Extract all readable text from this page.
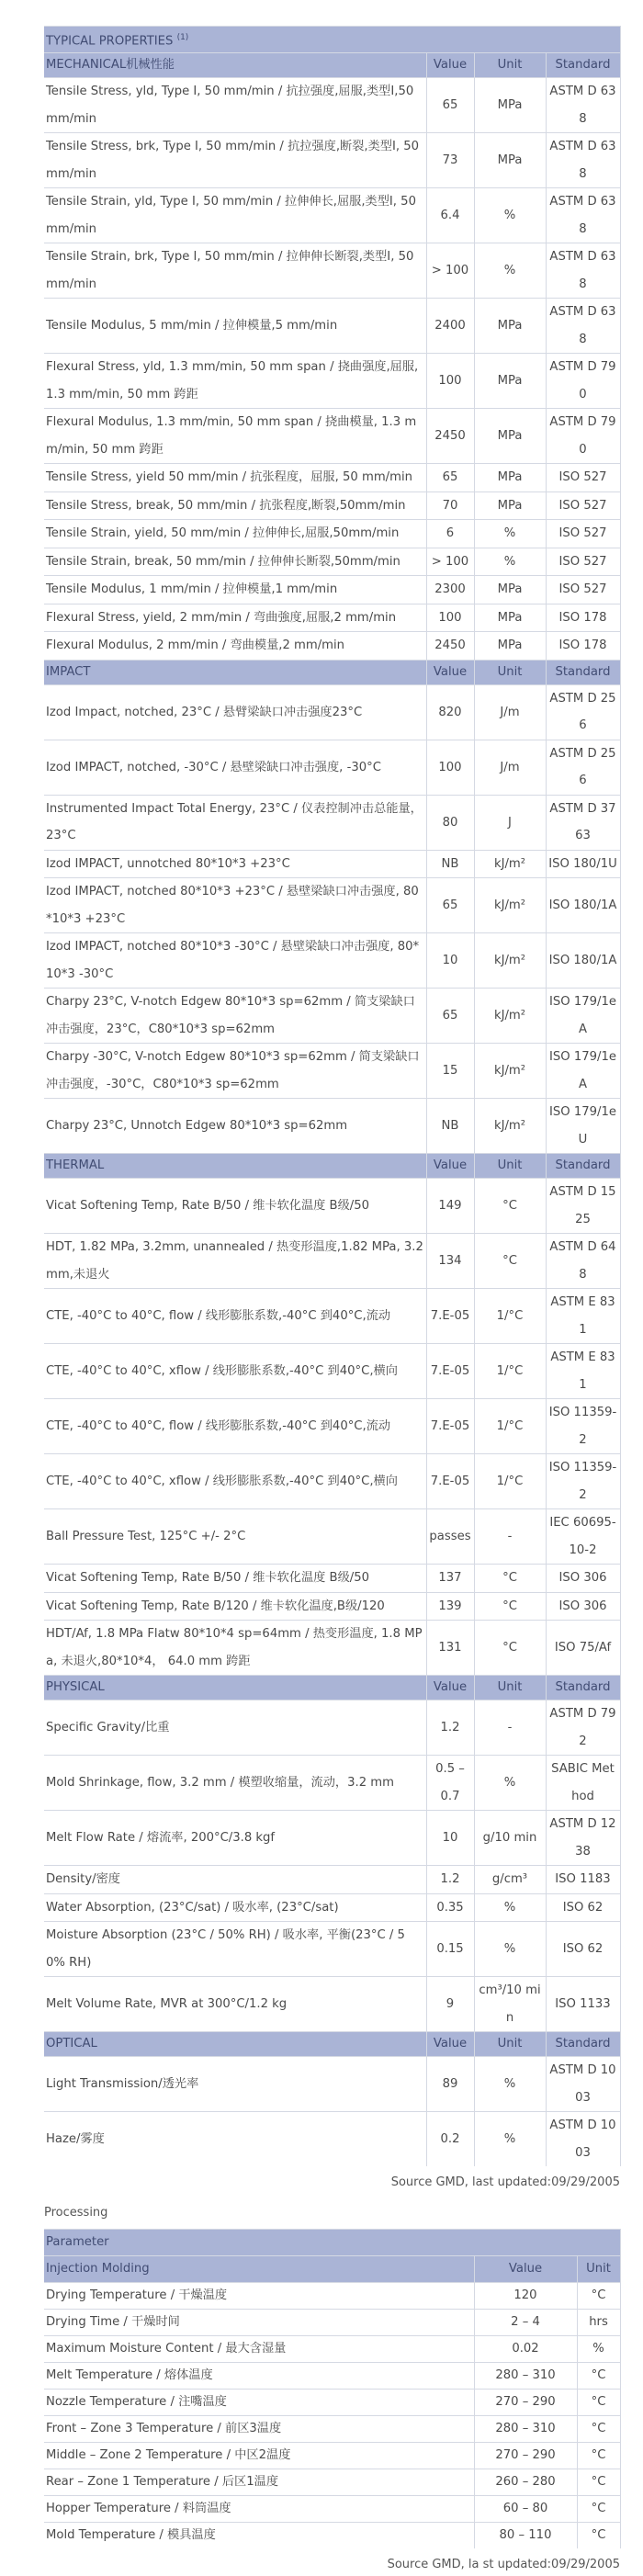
TYPICAL PROPERTIES $^{(1)}$
MECHANICAL机械性能	Value	Unit	Standard
Tensile Stress, yld, Type I, 50 mm/min / 抗拉强度,屈服,类型I,50 mm/min	65	MPa	ASTM D 638
Tensile Stress, brk, Type I, 50 mm/min / 抗拉强度,断裂,类型I, 50 mm/min	73	MPa	ASTM D 638
Tensile Strain, yld, Type I, 50 mm/min / 拉伸伸长,屈服,类型I, 50 mm/min	6.4	%	ASTM D 638
Tensile Strain, brk, Type I, 50 mm/min / 拉伸伸长断裂,类型I, 50 mm/min	> 100	%	ASTM D 638
Tensile Modulus, 5 mm/min / 拉伸模量,5 mm/min	2400	MPa	ASTM D 638
Flexural Stress, yld, 1.3 mm/min, 50 mm span / 挠曲强度,屈服, 1.3 mm/min, 50 mm 跨距	100	MPa	ASTM D 790
Flexural Modulus, 1.3 mm/min, 50 mm span / 挠曲模量, 1.3 mm/min, 50 mm 跨距	2450	MPa	ASTM D 790
Tensile Stress, yield 50 mm/min / 抗张程度，屈服, 50 mm/min	65	MPa	ISO 527
Tensile Stress, break, 50 mm/min / 抗张程度,断裂,50mm/min	70	MPa	ISO 527
Tensile Strain, yield, 50 mm/min / 拉伸伸长,屈服,50mm/min	6	%	ISO 527
Tensile Strain, break, 50 mm/min / 拉伸伸长断裂,50mm/min	> 100	%	ISO 527
Tensile Modulus, 1 mm/min / 拉伸模量,1 mm/min	2300	MPa	ISO 527
Flexural Stress, yield, 2 mm/min / 弯曲強度,屈服,2 mm/min	100	MPa	ISO 178
Flexural Modulus, 2 mm/min / 弯曲模量,2 mm/min	2450	MPa	ISO 178
IMPACT	Value	Unit	Standard
Izod Impact, notched, 23°C / 悬臂梁缺口冲击强度23°C	820	J/m	ASTM D 256
Izod IMPACT, notched, -30°C / 悬壁梁缺口冲击强度, -30°C	100	J/m	ASTM D 256
Instrumented Impact Total Energy, 23°C / 仪表控制冲击总能量，23°C	80	J	ASTM D 3763
Izod IMPACT, unnotched 80*10*3 +23°C	NB	kJ/m²	ISO 180/1U
Izod IMPACT, notched 80*10*3 +23°C / 悬壁梁缺口冲击强度, 80*10*3 +23°C	65	kJ/m²	ISO 180/1A
Izod IMPACT, notched 80*10*3 -30°C / 悬壁梁缺口冲击强度, 80*10*3 -30°C	10	kJ/m²	ISO 180/1A
Charpy 23°C, V-notch Edgew 80*10*3 sp=62mm / 简支梁缺口冲击强度，23°C，C80*10*3 sp=62mm	65	kJ/m²	ISO 179/1eA
Charpy -30°C, V-notch Edgew 80*10*3 sp=62mm / 简支梁缺口冲击强度，-30°C，C80*10*3 sp=62mm	15	kJ/m²	ISO 179/1eA
Charpy 23°C, Unnotch Edgew 80*10*3 sp=62mm	NB	kJ/m²	ISO 179/1eU
THERMAL	Value	Unit	Standard
Vicat Softening Temp, Rate B/50 / 维卡软化温度 B级/50	149	°C	ASTM D 1525
HDT, 1.82 MPa, 3.2mm, unannealed / 热变形温度,1.82 MPa, 3.2mm,未退火	134	°C	ASTM D 648
CTE, -40°C to 40°C, flow / 线形膨胀系数,-40°C 到40°C,流动	7.E-05	1/°C	ASTM E 831
CTE, -40°C to 40°C, xflow / 线形膨胀系数,-40°C 到40°C,横向	7.E-05	1/°C	ASTM E 831
CTE, -40°C to 40°C, flow / 线形膨胀系数,-40°C 到40°C,流动	7.E-05	1/°C	ISO 11359-2
CTE, -40°C to 40°C, xflow / 线形膨胀系数,-40°C 到40°C,横向	7.E-05	1/°C	ISO 11359-2
Ball Pressure Test, 125°C +/- 2°C	passes	-	IEC 60695-10-2
Vicat Softening Temp, Rate B/50 / 维卡软化温度 B级/50	137	°C	ISO 306
Vicat Softening Temp, Rate B/120 / 维卡软化温度,B级/120	139	°C	ISO 306
HDT/Af, 1.8 MPa Flatw 80*10*4 sp=64mm / 热变形温度, 1.8 MPa, 未退火,80*10*4， 64.0 mm 跨距	131	°C	ISO 75/Af
PHYSICAL	Value	Unit	Standard
Specific Gravity/比重	1.2	-	ASTM D 792
Mold Shrinkage, flow, 3.2 mm / 模塑收缩量，流动，3.2 mm	0.5 – 0.7	%	SABIC Method
Melt Flow Rate / 熔流率, 200°C/3.8 kgf	10	g/10 min	ASTM D 1238
Density/密度	1.2	g/cm³	ISO 1183
Water Absorption, (23°C/sat) / 吸水率, (23°C/sat)	0.35	%	ISO 62
Moisture Absorption (23°C / 50% RH) / 吸水率, 平衡(23°C / 50% RH)	0.15	%	ISO 62
Melt Volume Rate, MVR at 300°C/1.2 kg	9	cm³/10 min	ISO 1133
OPTICAL	Value	Unit	Standard
Light Transmission/透光率	89	%	ASTM D 1003
Haze/雾度	0.2	%	ASTM D 1003
Source GMD, last updated:09/29/2005
Processing
Parameter		
Injection Molding	Value	Unit
Drying Temperature / 干燥温度	120	°C
Drying Time / 干燥时间	2 – 4	hrs
Maximum Moisture Content / 最大含湿量	0.02	%
Melt Temperature / 熔体温度	280 – 310	°C
Nozzle Temperature / 注嘴温度	270 – 290	°C
Front – Zone 3 Temperature / 前区3温度	280 – 310	°C
Middle – Zone 2 Temperature / 中区2温度	270 – 290	°C
Rear – Zone 1 Temperature / 后区1温度	260 – 280	°C
Hopper Temperature / 料筒温度	60 – 80	°C
Mold Temperature / 模具温度	80 – 110	°C
Source GMD, la st updated:09/29/2005
